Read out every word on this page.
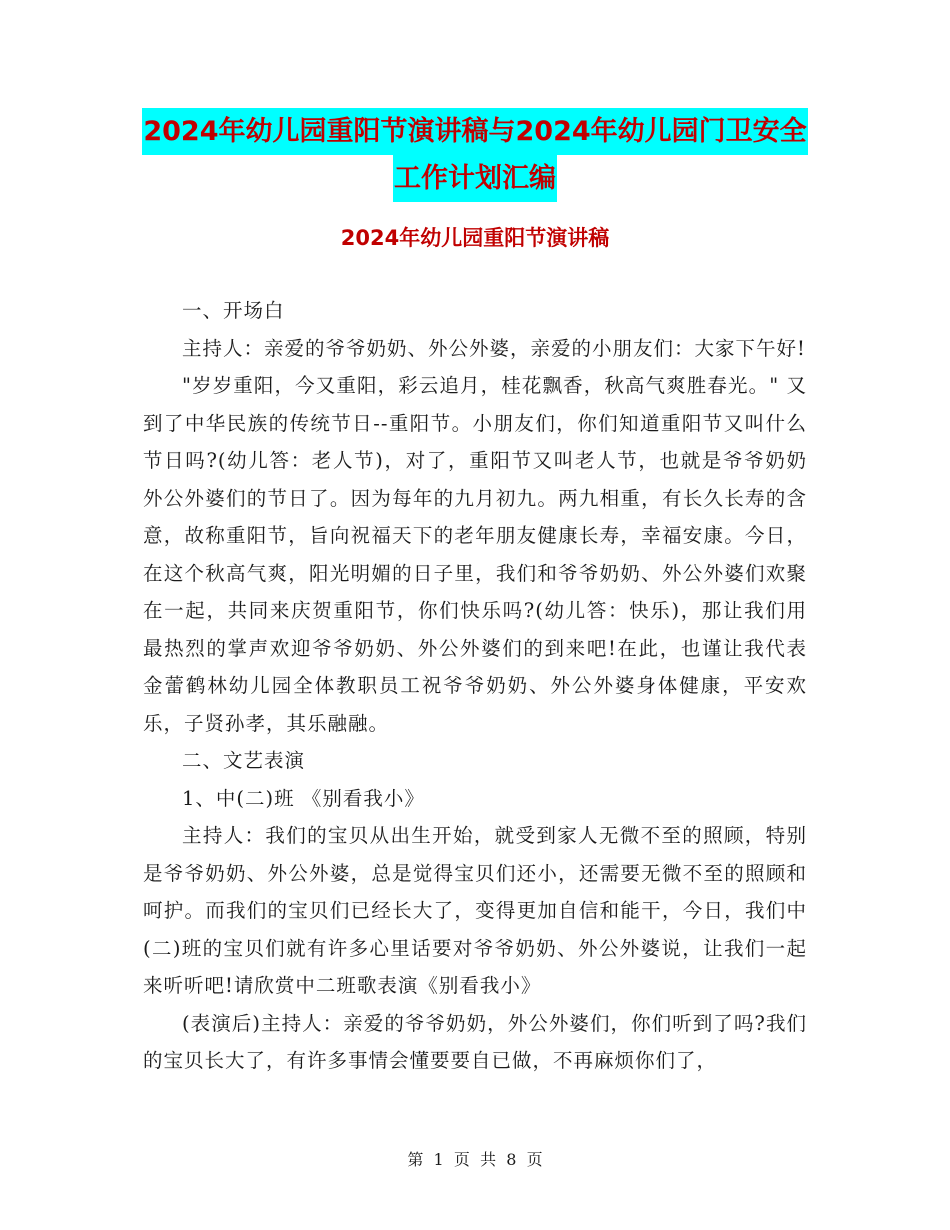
2024年幼儿园重阳节演讲稿与2024年幼儿园门卫安全
工作计划汇编
2024年幼儿园重阳节演讲稿

一、开场白

主持人：亲爱的爷爷奶奶、外公外婆，亲爱的小朋友们：大家下午好!

"岁岁重阳，今又重阳，彩云追月，桂花飘香，秋高气爽胜春光。" 又到了中华民族的传统节日--重阳节。小朋友们，你们知道重阳节又叫什么节日吗?(幼儿答：老人节)，对了，重阳节又叫老人节，也就是爷爷奶奶外公外婆们的节日了。因为每年的九月初九。两九相重，有长久长寿的含意，故称重阳节，旨向祝福天下的老年朋友健康长寿，幸福安康。今日，在这个秋高气爽，阳光明媚的日子里，我们和爷爷奶奶、外公外婆们欢聚在一起，共同来庆贺重阳节，你们快乐吗?(幼儿答：快乐)，那让我们用最热烈的掌声欢迎爷爷奶奶、外公外婆们的到来吧!在此，也谨让我代表金蕾鹤林幼儿园全体教职员工祝爷爷奶奶、外公外婆身体健康，平安欢乐，子贤孙孝，其乐融融。

二、文艺表演

1、中(二)班 《别看我小》

主持人：我们的宝贝从出生开始，就受到家人无微不至的照顾，特别是爷爷奶奶、外公外婆，总是觉得宝贝们还小，还需要无微不至的照顾和呵护。而我们的宝贝们已经长大了，变得更加自信和能干，今日，我们中(二)班的宝贝们就有许多心里话要对爷爷奶奶、外公外婆说，让我们一起来听听吧!请欣赏中二班歌表演《别看我小》

(表演后)主持人：亲爱的爷爷奶奶，外公外婆们，你们听到了吗?我们的宝贝长大了，有许多事情会懂要要自已做，不再麻烦你们了，

第  1  页  共  8  页
